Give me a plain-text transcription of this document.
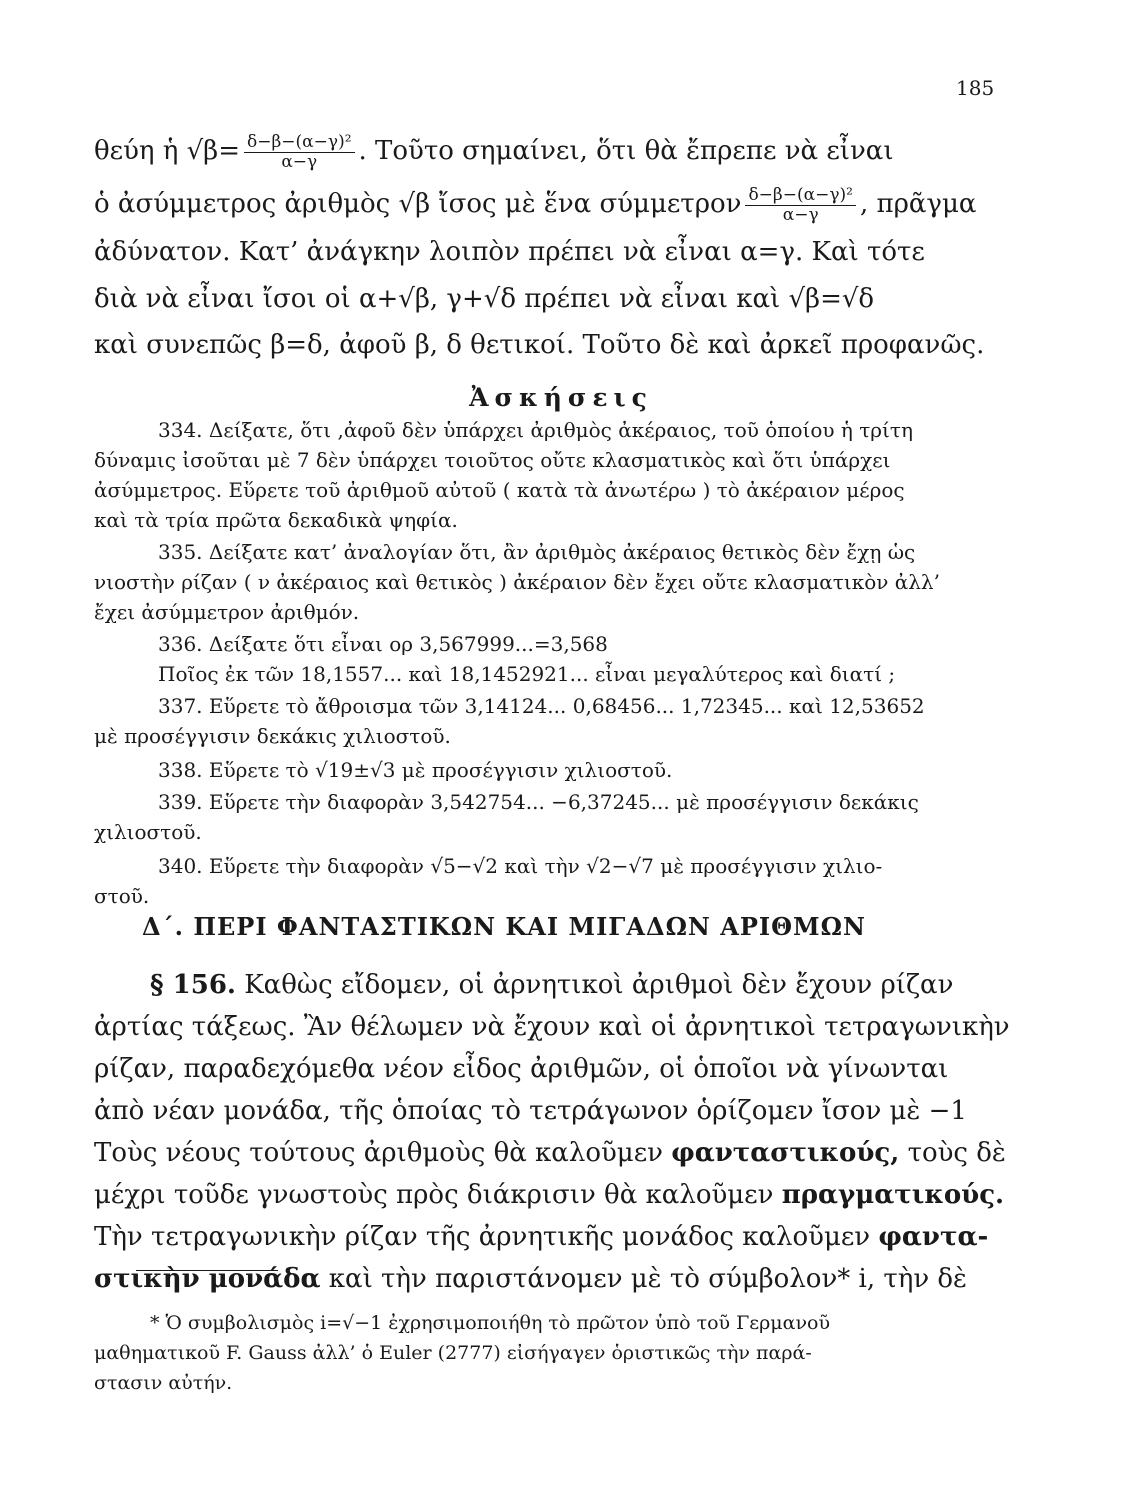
185
θεύη ἡ $√\beta= \frac{\text{δ−β−(α−γ)²}}{\alpha-\gamma}$ . Τοῦτο σημαίνει, ὅτι θὰ ἔπρεπε νὰ εἶναι
ὁ ἀσύμμετρος ἀριθμὸς √β ἴσος μὲ ἕνα σύμμετρον $\frac{\text{δ−β−(α−γ)²}}{\alpha-\gamma}$ , πρᾶγμα
ἀδύνατον. Κατ’ ἀνάγκην λοιπὸν πρέπει νὰ εἶναι α=γ. Καὶ τότε
διὰ νὰ εἶναι ἴσοι οἱ α+√β, γ+√δ πρέπει νὰ εἶναι καὶ √β=√δ
καὶ συνεπῶς β=δ, ἀφοῦ β, δ θετικοί. Τοῦτο δὲ καὶ ἀρκεῖ προφανῶς.
Ἀσκήσεις
334. Δείξατε, ὅτι ,ἀφοῦ δὲν ὑπάρχει ἀριθμὸς ἀκέραιος, τοῦ ὁποίου ἡ τρίτη
δύναμις ἰσοῦται μὲ 7 δὲν ὑπάρχει τοιοῦτος οὔτε κλασματικὸς καὶ ὅτι ὑπάρχει
ἀσύμμετρος. Εὕρετε τοῦ ἀριθμοῦ αὐτοῦ ( κατὰ τὰ ἀνωτέρω ) τὸ ἀκέραιον μέρος
καὶ τὰ τρία πρῶτα δεκαδικὰ ψηφία.
335. Δείξατε κατ’ ἀναλογίαν ὅτι, ἂν ἀριθμὸς ἀκέραιος θετικὸς δὲν ἔχῃ ὡς
νιοστὴν ρίζαν ( ν ἀκέραιος καὶ θετικὸς ) ἀκέραιον δὲν ἔχει οὔτε κλασματικὸν ἀλλ’
ἔχει ἀσύμμετρον ἀριθμόν.
336. Δείξατε ὅτι εἶναι ορ 3,567999...=3,568
Ποῖος ἐκ τῶν 18,1557... καὶ 18,1452921... εἶναι μεγαλύτερος καὶ διατί ;
337. Εὕρετε τὸ ἄθροισμα τῶν 3,14124... 0,68456... 1,72345... καὶ 12,53652
μὲ προσέγγισιν δεκάκις χιλιοστοῦ.
338. Εὕρετε τὸ √19±√3 μὲ προσέγγισιν χιλιοστοῦ.
339. Εὕρετε τὴν διαφορὰν 3,542754... −6,37245... μὲ προσέγγισιν δεκάκις
χιλιοστοῦ.
340. Εὕρετε τὴν διαφορὰν √5−√2 καὶ τὴν √2−√7 μὲ προσέγγισιν χιλιο-
στοῦ.
Δ΄. ΠΕΡΙ ΦΑΝΤΑΣΤΙΚΩΝ ΚΑΙ ΜΙΓΑΔΩΝ ΑΡΙΘΜΩΝ
§ 156. Καθὼς εἴδομεν, οἱ ἀρνητικοὶ ἀριθμοὶ δὲν ἔχουν ρίζαν
ἀρτίας τάξεως. Ἂν θέλωμεν νὰ ἔχουν καὶ οἱ ἀρνητικοὶ τετραγωνικὴν
ρίζαν, παραδεχόμεθα νέον εἶδος ἀριθμῶν, οἱ ὁποῖοι νὰ γίνωνται
ἀπὸ νέαν μονάδα, τῆς ὁποίας τὸ τετράγωνον ὁρίζομεν ἴσον μὲ −1
Τοὺς νέους τούτους ἀριθμοὺς θὰ καλοῦμεν φανταστικούς, τοὺς δὲ
μέχρι τοῦδε γνωστοὺς πρὸς διάκρισιν θὰ καλοῦμεν πραγματικούς.
Τὴν τετραγωνικὴν ρίζαν τῆς ἀρνητικῆς μονάδος καλοῦμεν φαντα-
στικὴν μονάδα καὶ τὴν παριστάνομεν μὲ τὸ σύμβολον* i, τὴν δὲ
* Ὁ συμβολισμὸς i=√−1 ἐχρησιμοποιήθη τὸ πρῶτον ὑπὸ τοῦ Γερμανοῦ
μαθηματικοῦ F. Gauss ἀλλ’ ὁ Euler (2777) εἰσήγαγεν ὁριστικῶς τὴν παρά-
στασιν αὐτήν.
